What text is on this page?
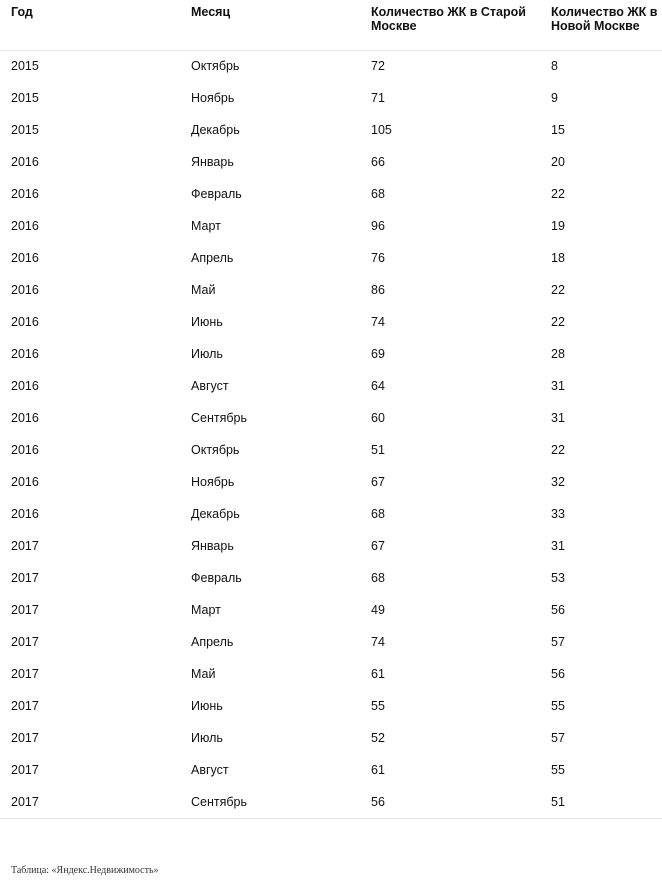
Год	Месяц	Количество ЖК в Старой Москве	Количество ЖК в Новой Москве
2015	Октябрь	72	8
2015	Ноябрь	71	9
2015	Декабрь	105	15
2016	Январь	66	20
2016	Февраль	68	22
2016	Март	96	19
2016	Апрель	76	18
2016	Май	86	22
2016	Июнь	74	22
2016	Июль	69	28
2016	Август	64	31
2016	Сентябрь	60	31
2016	Октябрь	51	22
2016	Ноябрь	67	32
2016	Декабрь	68	33
2017	Январь	67	31
2017	Февраль	68	53
2017	Март	49	56
2017	Апрель	74	57
2017	Май	61	56
2017	Июнь	55	55
2017	Июль	52	57
2017	Август	61	55
2017	Сентябрь	56	51
Таблица: «Яндекс.Недвижимость»
